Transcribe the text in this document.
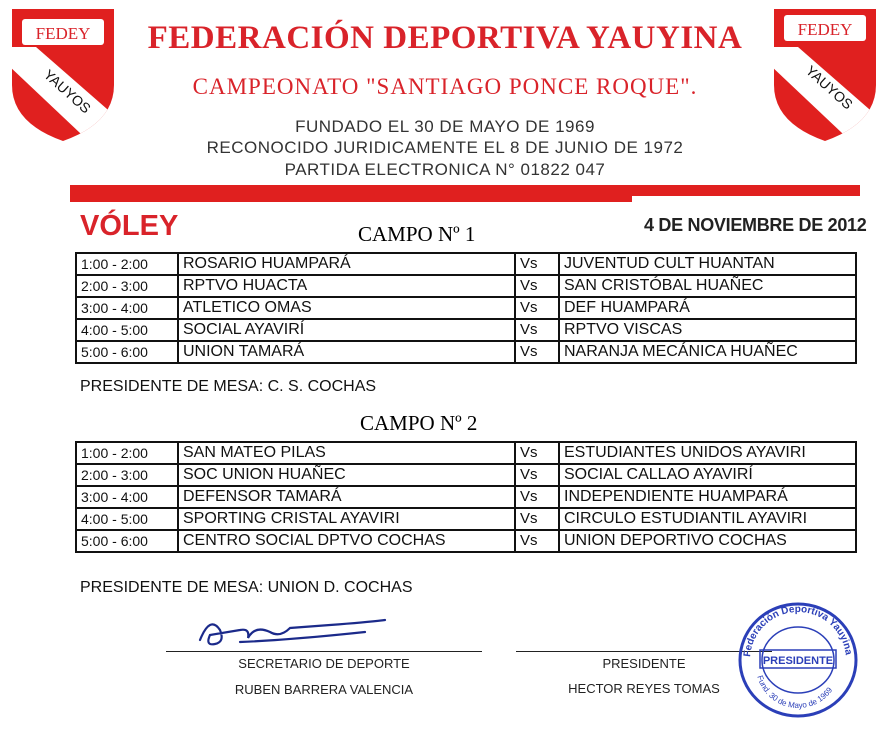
FEDEY
YAUYOS
FEDEY
YAUYOS
FEDERACIÓN DEPORTIVA YAUYINA
CAMPEONATO "SANTIAGO PONCE ROQUE".
FUNDADO EL 30 DE MAYO DE 1969
RECONOCIDO JURIDICAMENTE EL 8 DE JUNIO DE 1972
PARTIDA ELECTRONICA N° 01822 047
VÓLEY	4 DE NOVIEMBRE DE 2012
CAMPO Nº 1
1:00 - 2:00	ROSARIO HUAMPARÁ	Vs	JUVENTUD CULT HUANTAN
2:00 - 3:00	RPTVO HUACTA	Vs	SAN CRISTÓBAL HUAÑEC
3:00 - 4:00	ATLETICO OMAS	Vs	DEF HUAMPARÁ
4:00 - 5:00	SOCIAL AYAVIRÍ	Vs	RPTVO VISCAS
5:00 - 6:00	UNION TAMARÁ	Vs	NARANJA MECÁNICA HUAÑEC
PRESIDENTE DE MESA: C. S. COCHAS
CAMPO Nº 2
1:00 - 2:00	SAN MATEO PILAS	Vs	ESTUDIANTES UNIDOS AYAVIRI
2:00 - 3:00	SOC UNION HUAÑEC	Vs	SOCIAL CALLAO AYAVIRÍ
3:00 - 4:00	DEFENSOR TAMARÁ	Vs	INDEPENDIENTE HUAMPARÁ
4:00 - 5:00	SPORTING CRISTAL AYAVIRI	Vs	CIRCULO ESTUDIANTIL AYAVIRI
5:00 - 6:00	CENTRO SOCIAL DPTVO COCHAS	Vs	UNION DEPORTIVO COCHAS
PRESIDENTE DE MESA: UNION D. COCHAS
SECRETARIO DE DEPORTE
RUBEN BARRERA VALENCIA
PRESIDENTE
HECTOR REYES TOMAS
Federación Deportiva Yauyina
Fund. 30 de Mayo de 1969
PRESIDENTE
